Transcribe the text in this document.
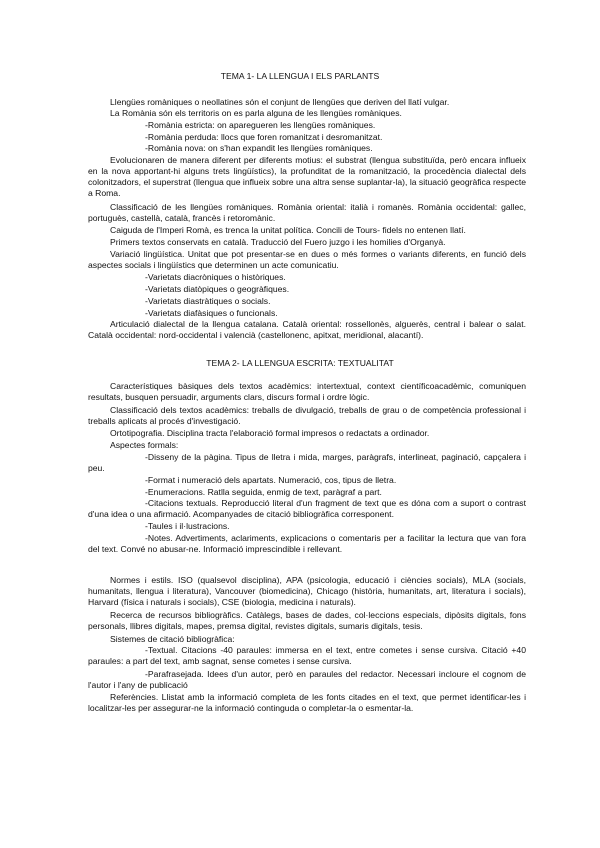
TEMA 1- LA LLENGUA I ELS PARLANTS
Llengües romàniques o neollatines són el conjunt de llengües que deriven del llatí vulgar.
La Romània són els territoris on es parla alguna de les llengües romàniques.
-Romània estricta: on aparegueren les llengües romàniques.
-Romània perduda: llocs que foren romanitzat i desromanitzat.
-Romània nova: on s'han expandit les llengües romàniques.
Evolucionaren de manera diferent per diferents motius: el substrat (llengua substituïda, però encara influeix en la nova apportant-hi alguns trets lingüístics), la profunditat de la romanització, la procedència dialectal dels colonitzadors, el superstrat (llengua que influeix sobre una altra sense suplantar-la), la situació geogràfica respecte a Roma.
Classificació de les llengües romàniques. Romània oriental: italià i romanès. Romània occidental: gallec, portuguès, castellà, català, francès i retoromànic.
Caiguda de l'Imperi Romà, es trenca la unitat política. Concili de Tours- fidels no entenen llatí.
Primers textos conservats en català. Traducció del Fuero juzgo i les homilies d'Organyà.
Variació lingüística. Unitat que pot presentar-se en dues o més formes o variants diferents, en funció dels aspectes socials i lingüístics que determinen un acte comunicatiu.
-Varietats diacròniques o històriques.
-Varietats diatòpiques o geogràfiques.
-Varietats diastràtiques o socials.
-Varietats diafàsiques o funcionals.
Articulació dialectal de la llengua catalana. Català oriental: rossellonès, alguerès, central i balear o salat. Català occidental: nord-occidental i valencià (castellonenc, apitxat, meridional, alacantí).
TEMA 2- LA LLENGUA ESCRITA: TEXTUALITAT
Característiques bàsiques dels textos acadèmics: intertextual, context científicoacadèmic, comuniquen resultats, busquen persuadir, arguments clars, discurs formal i ordre lògic.
Classificació dels textos acadèmics: treballs de divulgació, treballs de grau o de competència professional i treballs aplicats al procés d'investigació.
Ortotipografia. Disciplina tracta l'elaboració formal impresos o redactats a ordinador.
Aspectes formals:
-Disseny de la pàgina. Tipus de lletra i mida, marges, paràgrafs, interlineat, paginació, capçalera i peu.
-Format i numeració dels apartats. Numeració, cos, tipus de lletra.
-Enumeracions. Ratlla seguida, enmig de text, paràgraf a part.
-Citacions textuals. Reproducció literal d'un fragment de text que es dóna com a suport o contrast d'una idea o una afirmació. Acompanyades de citació bibliogràfica corresponent.
-Taules i il·lustracions.
-Notes. Advertiments, aclariments, explicacions o comentaris per a facilitar la lectura que van fora del text. Convé no abusar-ne. Informació imprescindible i rellevant.
Normes i estils. ISO (qualsevol disciplina), APA (psicologia, educació i ciències socials), MLA (socials, humanitats, llengua i literatura), Vancouver (biomedicina), Chicago (història, humanitats, art, literatura i socials), Harvard (física i naturals i socials), CSE (biologia, medicina i naturals).
Recerca de recursos bibliogràfics. Catàlegs, bases de dades, col·leccions especials, dipòsits digitals, fons personals, llibres digitals, mapes, premsa digital, revistes digitals, sumaris digitals, tesis.
Sistemes de citació bibliogràfica:
-Textual. Citacions -40 paraules: immersa en el text, entre cometes i sense cursiva. Citació +40 paraules: a part del text, amb sagnat, sense cometes i sense cursiva.
-Parafrasejada. Idees d'un autor, però en paraules del redactor. Necessari incloure el cognom de l'autor i l'any de publicació
Referències. Llistat amb la informació completa de les fonts citades en el text, que permet identificar-les i localitzar-les per assegurar-ne la informació continguda o completar-la o esmentar-la.
